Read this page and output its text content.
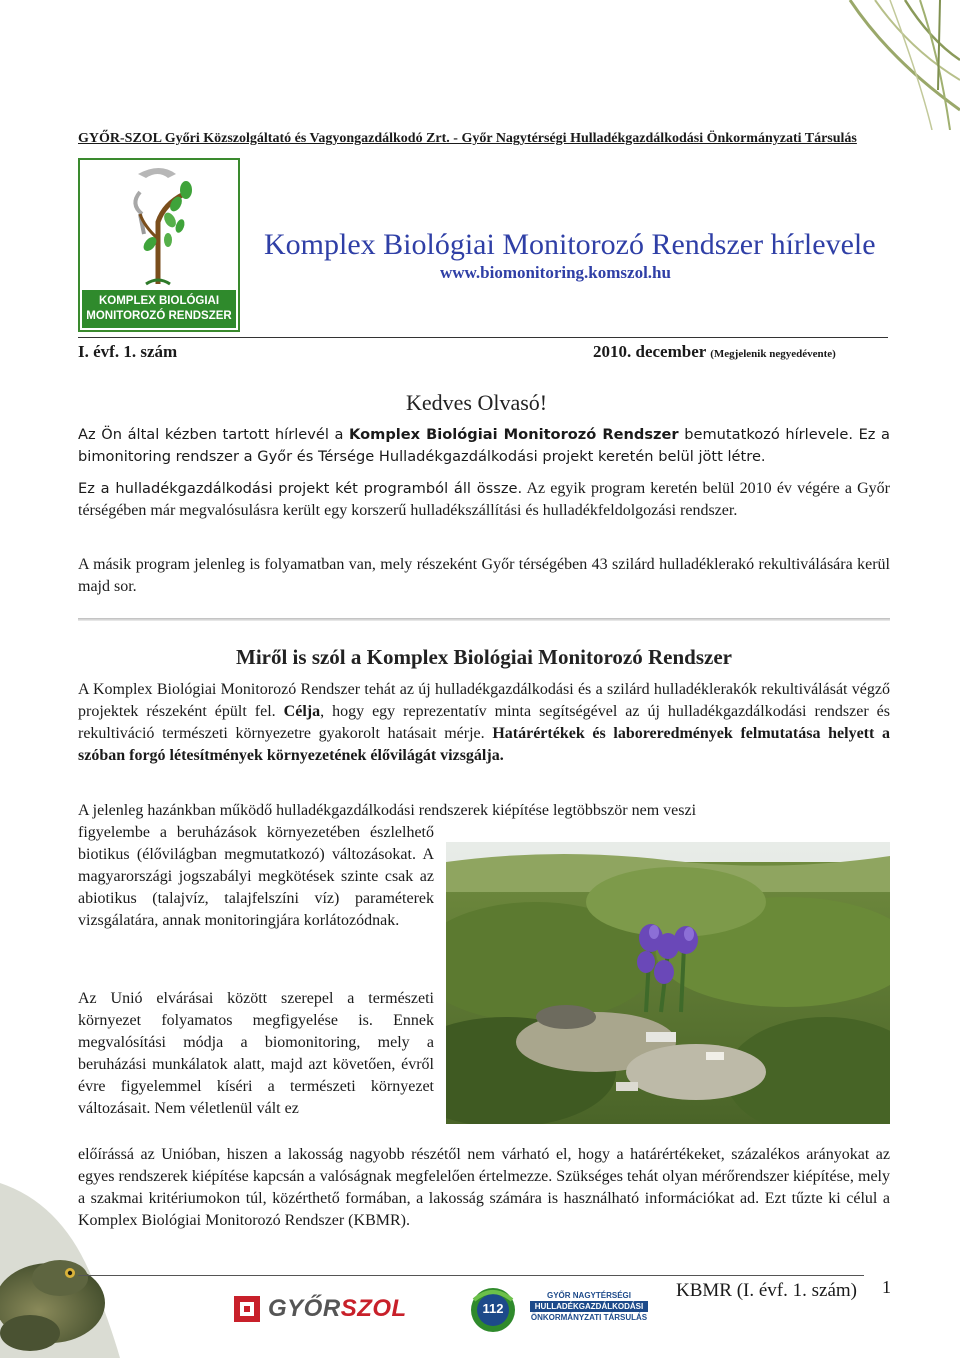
GYŐR-SZOL Győri Közszolgáltató és Vagyongazdálkodó Zrt. - Győr Nagytérségi Hulladékgazdálkodási Önkormányzati Társulás
KOMPLEX BIOLÓGIAI
MONITOROZÓ RENDSZER
Komplex Biológiai Monitorozó Rendszer hírlevele
www.biomonitoring.komszol.hu
I. évf. 1. szám	2010. december (Megjelenik negyedévente)
Kedves Olvasó!
Az Ön által kézben tartott hírlevél a Komplex Biológiai Monitorozó Rendszer bemutatkozó hírlevele. Ez a bimonitoring rendszer a Győr és Térsége Hulladékgazdálkodási projekt keretén belül jött létre.
Ez a hulladékgazdálkodási projekt két programból áll össze. Az egyik program keretén belül 2010 év végére a Győr térségében már megvalósulásra került egy korszerű hulladékszállítási és hulladékfeldolgozási rendszer.
A másik program jelenleg is folyamatban van, mely részeként Győr térségében 43 szilárd hulladéklerakó rekultiválására kerül majd sor.
Miről is szól a Komplex Biológiai Monitorozó Rendszer
A Komplex Biológiai Monitorozó Rendszer tehát az új hulladékgazdálkodási és a szilárd hulladéklerakók rekultiválását végző projektek részeként épült fel. Célja, hogy egy reprezentatív minta segítségével az új hulladékgazdálkodási rendszer és rekultiváció természeti környezetre gyakorolt hatásait mérje. Határértékek és laboreredmények felmutatása helyett a szóban forgó létesítmények környezetének élővilágát vizsgálja.
A jelenleg hazánkban működő hulladékgazdálkodási rendszerek kiépítése legtöbbször nem veszi
figyelembe a beruházások környezetében észlelhető biotikus (élővilágban megmutatkozó) változásokat. A magyarországi jogszabályi megkötések szinte csak az abiotikus (talajvíz, talajfelszíni víz) paraméterek vizsgálatára, annak monitoringjára korlátozódnak.
Az Unió elvárásai között szerepel a természeti környezet folyamatos megfigyelése is. Ennek megvalósítási módja a biomonitoring, mely a beruházási munkálatok alatt, majd azt követően, évről évre figyelemmel kíséri a természeti környezet változásait. Nem véletlenül vált ez
előírássá az Unióban, hiszen a lakosság nagyobb részétől nem várható el, hogy a határértékeket, százalékos arányokat az egyes rendszerek kiépítése kapcsán a valóságnak megfelelően értelmezze. Szükséges tehát olyan mérőrendszer kiépítése, mely a szakmai kritériumokon túl, közérthető formában, a lakosság számára is használható információkat ad. Ezt tűzte ki célul a Komplex Biológiai Monitorozó Rendszer (KBMR).
KBMR (I. évf. 1. szám) 1
GYŐRSZOL	112
GYŐR NAGYTÉRSÉGI
HULLADÉKGAZDÁLKODÁSI
ÖNKORMÁNYZATI TÁRSULÁS
